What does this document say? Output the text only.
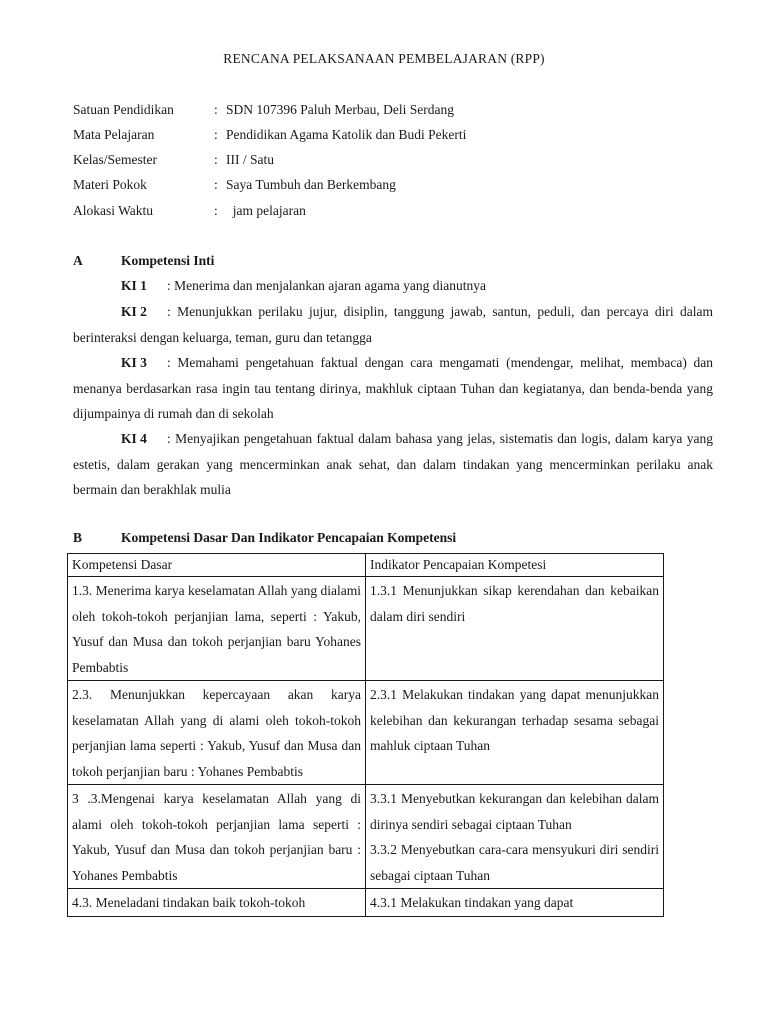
RENCANA PELAKSANAAN PEMBELAJARAN (RPP)
Satuan Pendidikan	: SDN 107396 Paluh Merbau, Deli Serdang
Mata Pelajaran	: Pendidikan Agama Katolik dan Budi Pekerti
Kelas/Semester	: III / Satu
Materi Pokok	: Saya Tumbuh dan Berkembang
Alokasi Waktu	: jam pelajaran
A	Kompetensi Inti
KI 1 : Menerima dan menjalankan ajaran agama yang dianutnya
KI 2 : Menunjukkan perilaku jujur, disiplin, tanggung jawab, santun, peduli, dan percaya diri dalam berinteraksi dengan keluarga, teman, guru dan tetangga
KI 3 : Memahami pengetahuan faktual dengan cara mengamati (mendengar, melihat, membaca) dan menanya berdasarkan rasa ingin tau tentang dirinya, makhluk ciptaan Tuhan dan kegiatanya, dan benda-benda yang dijumpainya di rumah dan di sekolah
KI 4 : Menyajikan pengetahuan faktual dalam bahasa yang jelas, sistematis dan logis, dalam karya yang estetis, dalam gerakan yang mencerminkan anak sehat, dan dalam tindakan yang mencerminkan perilaku anak bermain dan berakhlak mulia
B	Kompetensi Dasar Dan Indikator Pencapaian Kompetensi
Kompetensi Dasar	Indikator Pencapaian Kompetesi
1.3. Menerima karya keselamatan Allah yang dialami oleh tokoh-tokoh perjanjian lama, seperti : Yakub, Yusuf dan Musa dan tokoh perjanjian baru Yohanes Pembabtis	1.3.1 Menunjukkan sikap kerendahan dan kebaikan dalam diri sendiri

2.3. Menunjukkan kepercayaan akan karya keselamatan Allah yang di alami oleh tokoh-tokoh perjanjian lama seperti : Yakub, Yusuf dan Musa dan tokoh perjanjian baru : Yohanes Pembabtis	2.3.1 Melakukan tindakan yang dapat menunjukkan kelebihan dan kekurangan terhadap sesama sebagai mahluk ciptaan Tuhan

3 .3.Mengenai karya keselamatan Allah yang di alami oleh tokoh-tokoh perjanjian lama seperti : Yakub, Yusuf dan Musa dan tokoh perjanjian baru : Yohanes Pembabtis	3.3.1 Menyebutkan kekurangan dan kelebihan dalam dirinya sendiri sebagai ciptaan Tuhan
3.3.2 Menyebutkan cara-cara mensyukuri diri sendiri sebagai ciptaan Tuhan

4.3. Meneladani tindakan baik tokoh-tokoh	4.3.1 Melakukan tindakan yang dapat
